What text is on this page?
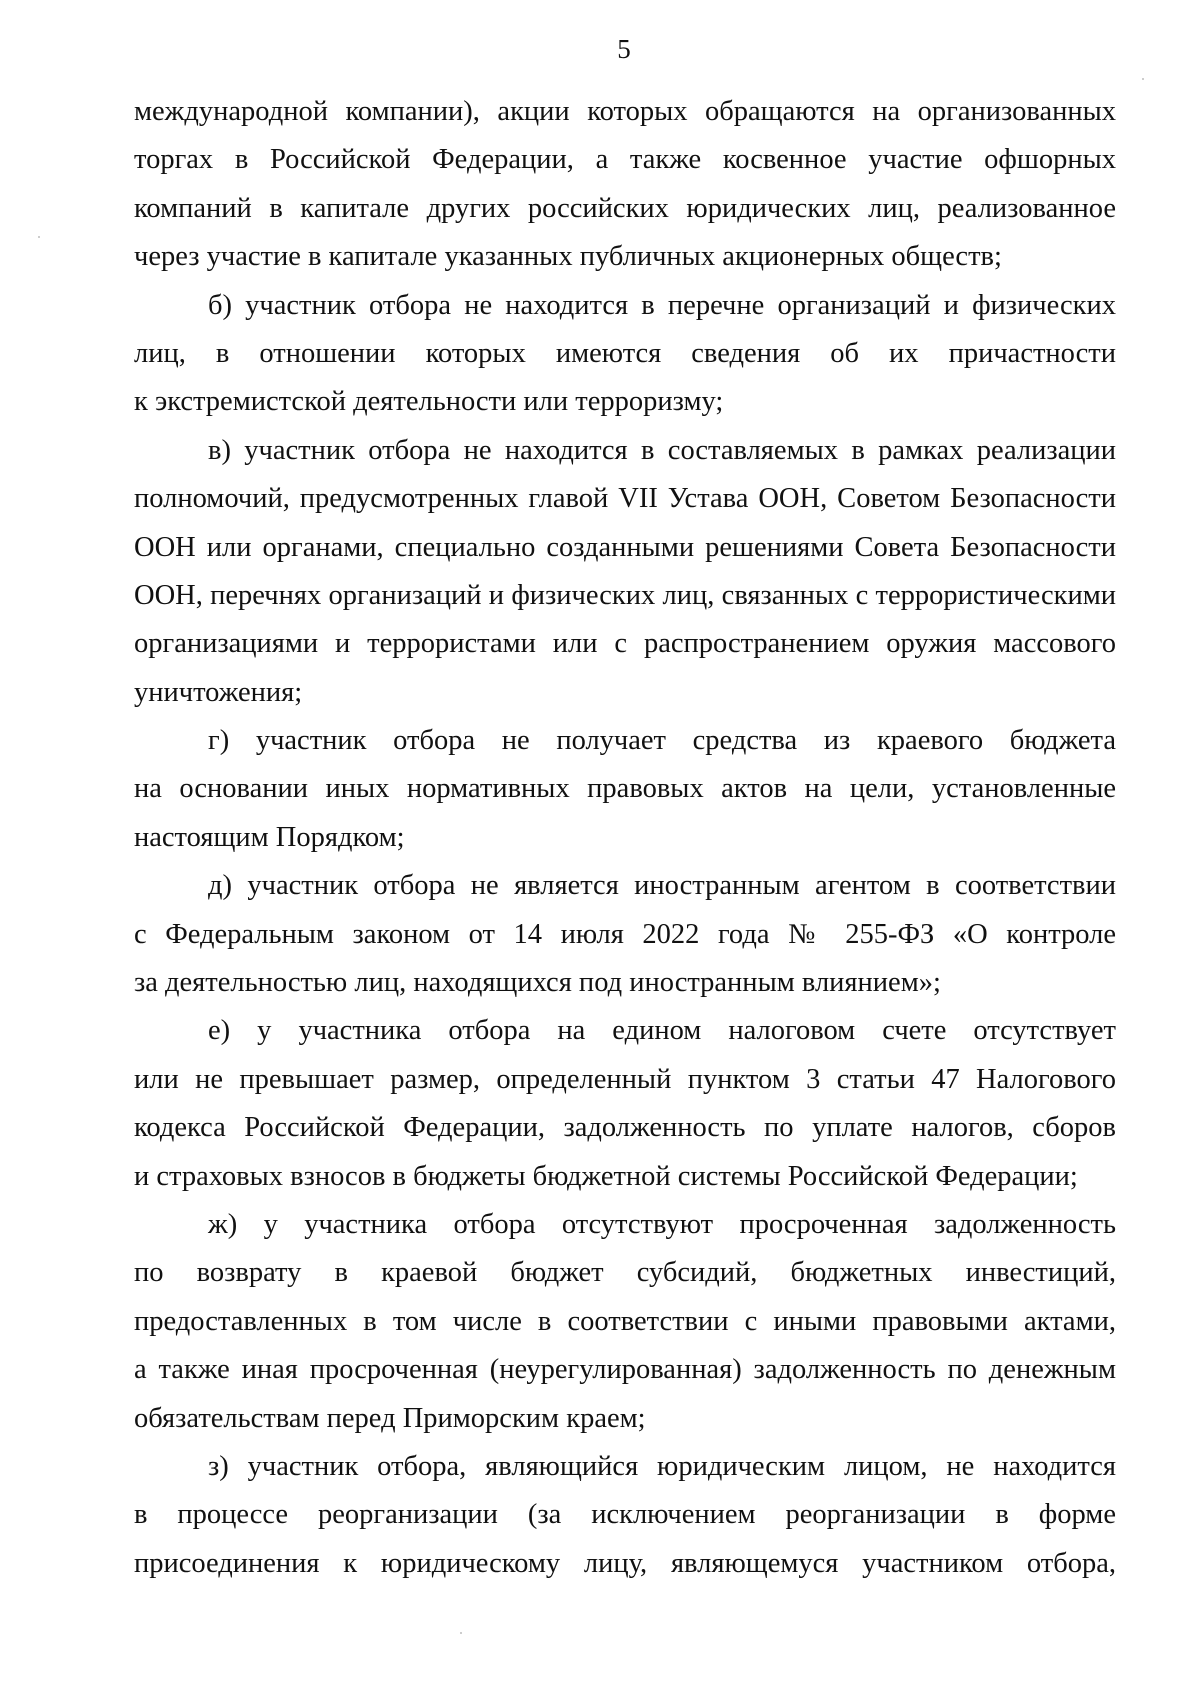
5
международной компании), акции которых обращаются на организованных
торгах в Российской Федерации, а также косвенное участие офшорных
компаний в капитале других российских юридических лиц, реализованное
через участие в капитале указанных публичных акционерных обществ;
б) участник отбора не находится в перечне организаций и физических
лиц, в отношении которых имеются сведения об их причастности
к экстремистской деятельности или терроризму;
в) участник отбора не находится в составляемых в рамках реализации
полномочий, предусмотренных главой VII Устава ООН, Советом Безопасности
ООН или органами, специально созданными решениями Совета Безопасности
ООН, перечнях организаций и физических лиц, связанных с террористическими
организациями и террористами или с распространением оружия массового
уничтожения;
г) участник отбора не получает средства из краевого бюджета
на основании иных нормативных правовых актов на цели, установленные
настоящим Порядком;
д) участник отбора не является иностранным агентом в соответствии
с Федеральным законом от 14 июля 2022 года № 255-ФЗ «О контроле
за деятельностью лиц, находящихся под иностранным влиянием»;
е) у участника отбора на едином налоговом счете отсутствует
или не превышает размер, определенный пунктом 3 статьи 47 Налогового
кодекса Российской Федерации, задолженность по уплате налогов, сборов
и страховых взносов в бюджеты бюджетной системы Российской Федерации;
ж) у участника отбора отсутствуют просроченная задолженность
по возврату в краевой бюджет субсидий, бюджетных инвестиций,
предоставленных в том числе в соответствии с иными правовыми актами,
а также иная просроченная (неурегулированная) задолженность по денежным
обязательствам перед Приморским краем;
з) участник отбора, являющийся юридическим лицом, не находится
в процессе реорганизации (за исключением реорганизации в форме
присоединения к юридическому лицу, являющемуся участником отбора,
